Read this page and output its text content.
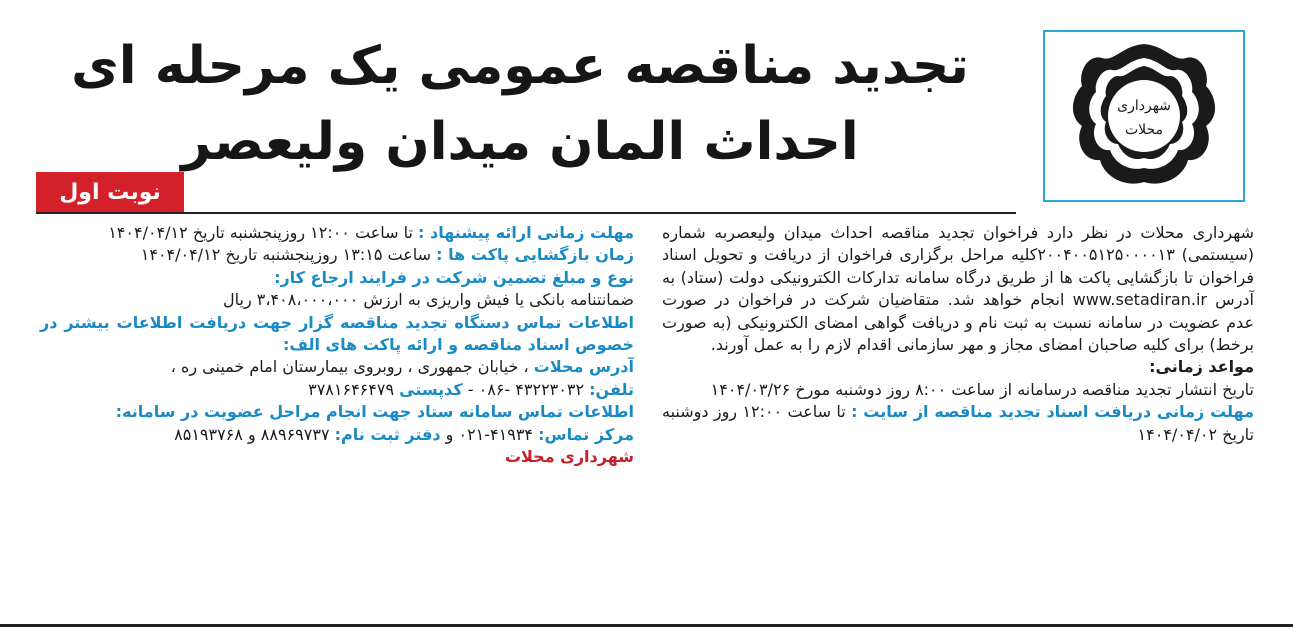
شهرداری
محلات
تجدید مناقصه عمومی یک مرحله ای
احداث المان میدان ولیعصر
نوبت اول

شهرداری محلات در نظر دارد فراخوان تجدید مناقصه احداث میدان ولیعصربه شماره (سیستمی) ۲۰۰۴۰۰۵۱۲۵۰۰۰۰۱۳کلیه مراحل برگزاری فراخوان از دریافت و تحویل اسناد فراخوان تا بازگشایی پاکت ها از طریق درگاه سامانه تدارکات الکترونیکی دولت (ستاد) به آدرس www.setadiran.ir انجام خواهد شد. متقاضیان شرکت در فراخوان در صورت عدم عضویت در سامانه نسبت به ثبت نام و دریافت گواهی امضای الکترونیکی (به صورت برخط) برای کلیه صاحبان امضای مجاز و مهر سازمانی اقدام لازم را به عمل آورند.

مواعد زمانی:

تاریخ انتشار تجدید مناقصه درسامانه از ساعت ۸:۰۰ روز دوشنبه مورخ ۱۴۰۴/۰۳/۲۶

مهلت زمانی دریافت اسناد تجدید مناقصه از سایت : تا ساعت ۱۲:۰۰ روز دوشنبه تاریخ ۱۴۰۴/۰۴/۰۲

مهلت زمانی ارائه پیشنهاد : تا ساعت ۱۲:۰۰ روزپنجشنبه تاریخ ۱۴۰۴/۰۴/۱۲

زمان بازگشایی پاکت ها : ساعت ۱۳:۱۵ روزپنجشنبه تاریخ ۱۴۰۴/۰۴/۱۲

نوع و مبلغ تضمین شرکت در فرایند ارجاع کار:

ضمانتنامه بانکی یا فیش واریزی به ارزش ۳،۴۰۸،۰۰۰،۰۰۰ ریال

اطلاعات تماس دستگاه تجدید مناقصه گزار جهت دریافت اطلاعات بیشتر در خصوص اسناد مناقصه و ارائه پاکت های الف:

آدرس محلات ، خیابان جمهوری ، روبروی بیمارستان امام خمینی ره ،

تلفن: ۴۳۲۲۳۰۳۲ -۰۸۶ - کدپستی ۳۷۸۱۶۴۶۴۷۹

اطلاعات تماس سامانه ستاد جهت انجام مراحل عضویت در سامانه:

مرکز تماس: ۴۱۹۳۴-۰۲۱ و دفتر ثبت نام: ۸۸۹۶۹۷۳۷ و ۸۵۱۹۳۷۶۸

شهرداری محلات
